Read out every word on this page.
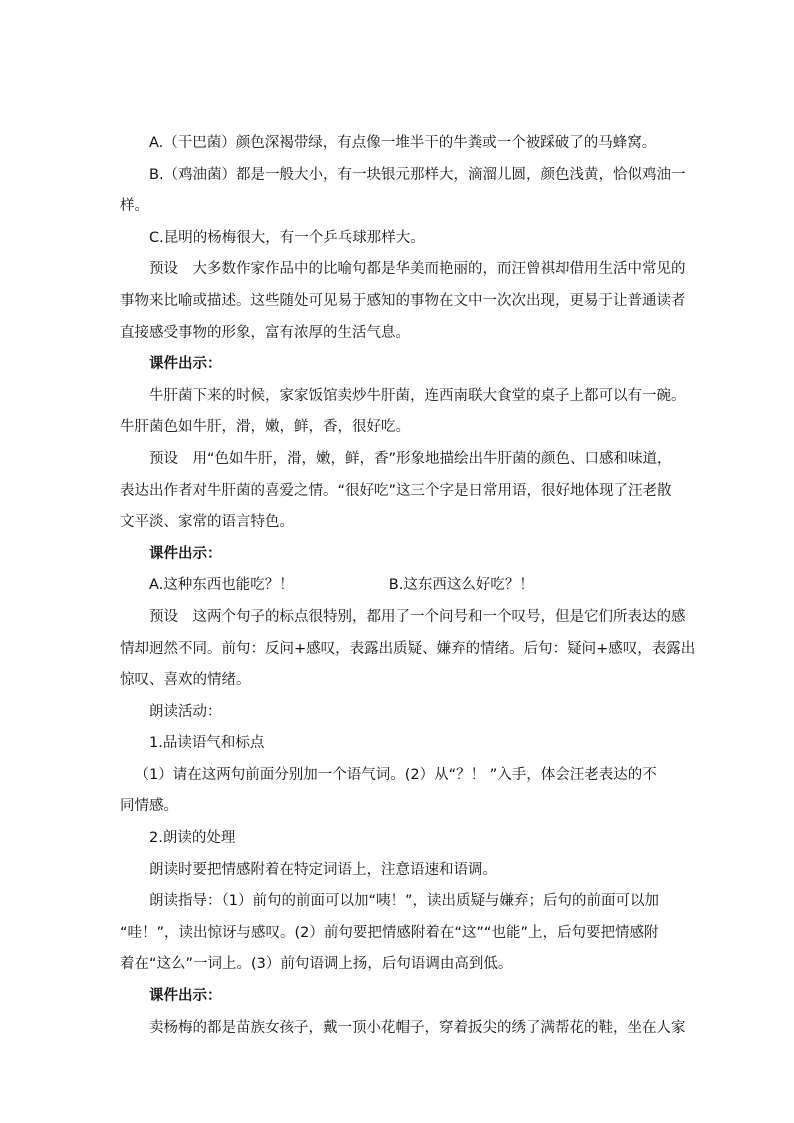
A.（干巴菌）颜色深褐带绿，有点像一堆半干的牛粪或一个被踩破了的马蜂窝。

B.（鸡油菌）都是一般大小，有一块银元那样大，滴溜儿圆，颜色浅黄，恰似鸡油一

样。

C.昆明的杨梅很大，有一个乒乓球那样大。

预设　大多数作家作品中的比喻句都是华美而艳丽的，而汪曾祺却借用生活中常见的

事物来比喻或描述。这些随处可见易于感知的事物在文中一次次出现，更易于让普通读者

直接感受事物的形象，富有浓厚的生活气息。

课件出示：

牛肝菌下来的时候，家家饭馆卖炒牛肝菌，连西南联大食堂的桌子上都可以有一碗。

牛肝菌色如牛肝，滑，嫩，鲜，香，很好吃。

预设　用“色如牛肝，滑，嫩，鲜，香”形象地描绘出牛肝菌的颜色、口感和味道，

表达出作者对牛肝菌的喜爱之情。“很好吃”这三个字是日常用语，很好地体现了汪老散

文平淡、家常的语言特色。

课件出示：

A.这种东西也能吃？！	B.这东西这么好吃？！

预设　这两个句子的标点很特别，都用了一个问号和一个叹号，但是它们所表达的感

情却迥然不同。前句：反问+感叹，表露出质疑、嫌弃的情绪。后句：疑问+感叹，表露出

惊叹、喜欢的情绪。

朗读活动：

1.品读语气和标点

（1）请在这两句前面分别加一个语气词。(2）从“？！ ”入手，体会汪老表达的不

同情感。

2.朗读的处理

朗读时要把情感附着在特定词语上，注意语速和语调。

朗读指导：（1）前句的前面可以加“咦！”，读出质疑与嫌弃；后句的前面可以加

“哇！”，读出惊讶与感叹。(2）前句要把情感附着在“这”“也能”上，后句要把情感附

着在“这么”一词上。(3）前句语调上扬，后句语调由高到低。

课件出示：

卖杨梅的都是苗族女孩子，戴一顶小花帽子，穿着扳尖的绣了满帮花的鞋，坐在人家
